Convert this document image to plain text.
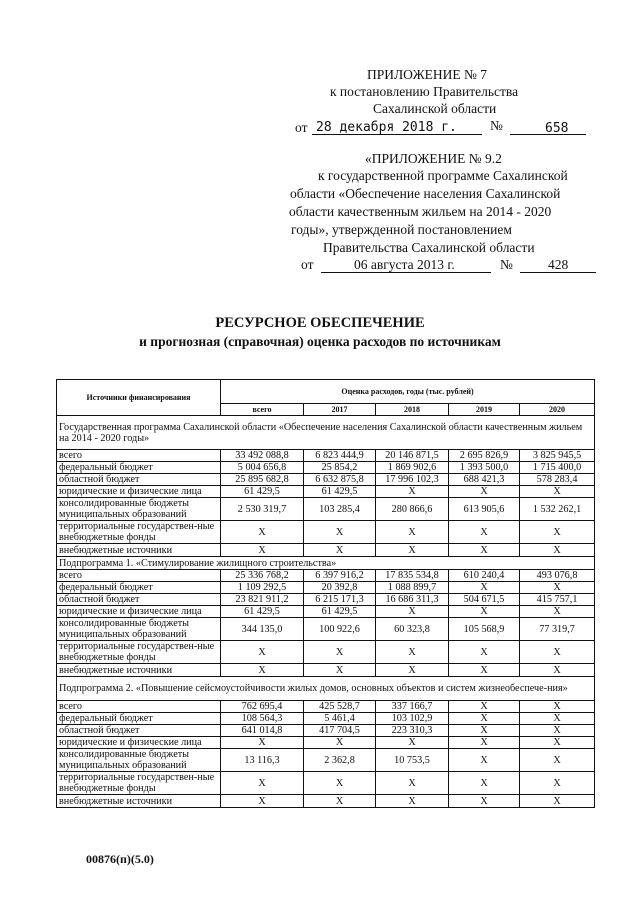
ПРИЛОЖЕНИЕ № 7
к постановлению Правительства
Сахалинской области
от 28 декабря 2018 г. №	658
«ПРИЛОЖЕНИЕ № 9.2
к государственной программе Сахалинской
области «Обеспечение населения Сахалинской
области качественным жильем на 2014 - 2020
годы», утвержденной постановлением
Правительства Сахалинской области
от	06 августа 2013 г.	№	428
РЕСУРСНОЕ ОБЕСПЕЧЕНИЕ
и прогнозная (справочная) оценка расходов по источникам
Источники финансирования	Оценка расходов, годы (тыс. рублей)				
	всего	2017	2018	2019	2020
Государственная программа Сахалинской области «Обеспечение населения Сахалинской области качественным жильем на 2014 - 2020 годы»					
всего	33 492 088,8	6 823 444,9	20 146 871,5	2 695 826,9	3 825 945,5
федеральный бюджет	5 004 656,8	25 854,2	1 869 902,6	1 393 500,0	1 715 400,0
областной бюджет	25 895 682,8	6 632 875,8	17 996 102,3	688 421,3	578 283,4
юридические и физические лица	61 429,5	61 429,5	Х	Х	Х
консолидированные бюджеты муниципальных образований	2 530 319,7	103 285,4	280 866,6	613 905,6	1 532 262,1
территориальные государствен-ные внебюджетные фонды	Х	Х	Х	Х	Х
внебюджетные источники	Х	Х	Х	Х	Х
Подпрограмма 1. «Стимулирование жилищного строительства»					
всего	25 336 768,2	6 397 916,2	17 835 534,8	610 240,4	493 076,8
федеральный бюджет	1 109 292,5	20 392,8	1 088 899,7	Х	Х
областной бюджет	23 821 911,2	6 215 171,3	16 686 311,3	504 671,5	415 757,1
юридические и физические лица	61 429,5	61 429,5	Х	Х	Х
консолидированные бюджеты муниципальных образований	344 135,0	100 922,6	60 323,8	105 568,9	77 319,7
территориальные государствен-ные внебюджетные фонды	Х	Х	Х	Х	Х
внебюджетные источники	Х	Х	Х	Х	Х
Подпрограмма 2. «Повышение сейсмоустойчивости жилых домов, основных объектов и систем жизнеобеспече-ния»					
всего	762 695,4	425 528,7	337 166,7	Х	Х
федеральный бюджет	108 564,3	5 461,4	103 102,9	Х	Х
областной бюджет	641 014,8	417 704,5	223 310,3	Х	Х
юридические и физические лица	Х	Х	Х	Х	Х
консолидированные бюджеты муниципальных образований	13 116,3	2 362,8	10 753,5	Х	Х
территориальные государствен-ные внебюджетные фонды	Х	Х	Х	Х	Х
внебюджетные источники	Х	Х	Х	Х	Х
00876(п)(5.0)
